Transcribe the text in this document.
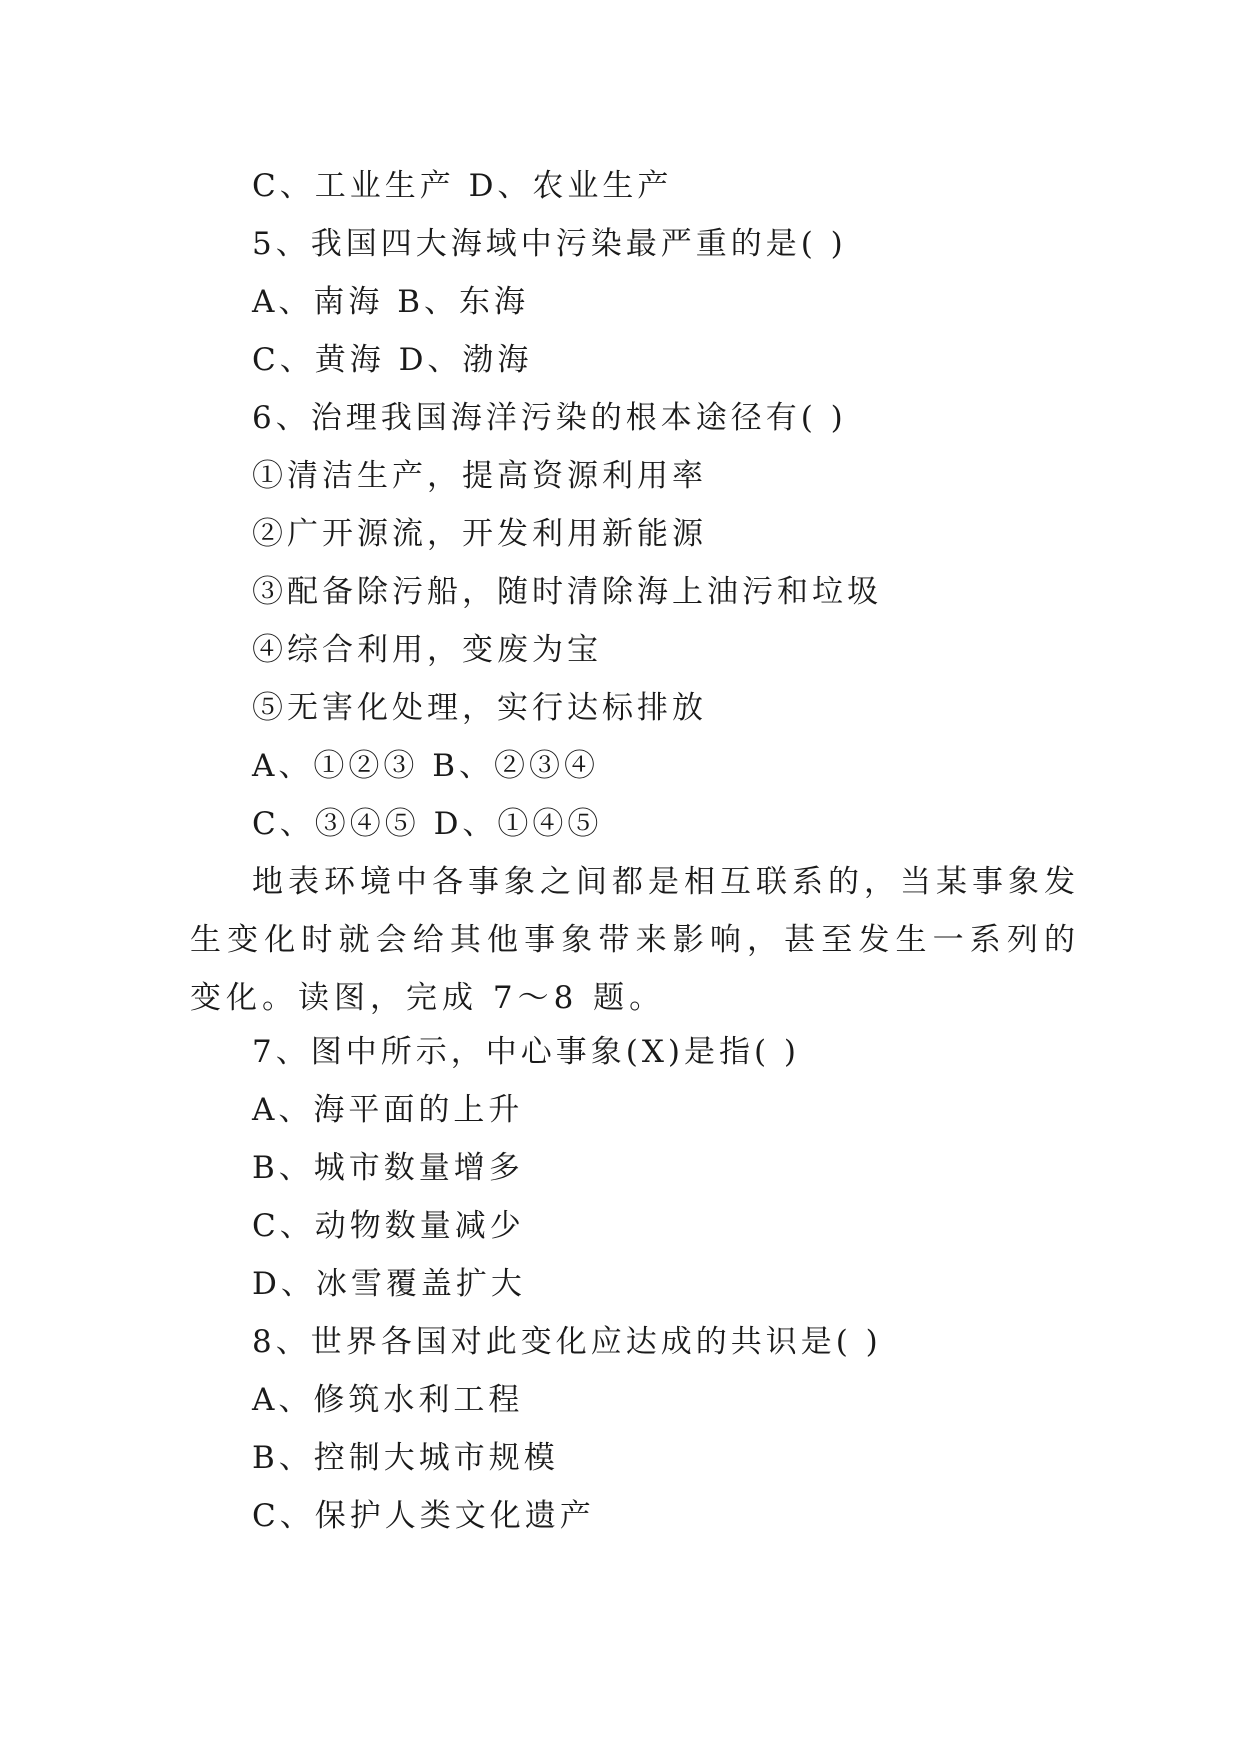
C、工业生产 D、农业生产
5、我国四大海域中污染最严重的是( )
A、南海 B、东海
C、黄海 D、渤海
6、治理我国海洋污染的根本途径有( )
①清洁生产，提高资源利用率
②广开源流，开发利用新能源
③配备除污船，随时清除海上油污和垃圾
④综合利用，变废为宝
⑤无害化处理，实行达标排放
A、①②③ B、②③④
C、③④⑤ D、①④⑤
地表环境中各事象之间都是相互联系的，当某事象发生变化时就会给其他事象带来影响，甚至发生一系列的变化。读图，完成 7～8 题。
7、图中所示，中心事象(X)是指( )
A、海平面的上升
B、城市数量增多
C、动物数量减少
D、冰雪覆盖扩大
8、世界各国对此变化应达成的共识是( )
A、修筑水利工程
B、控制大城市规模
C、保护人类文化遗产
